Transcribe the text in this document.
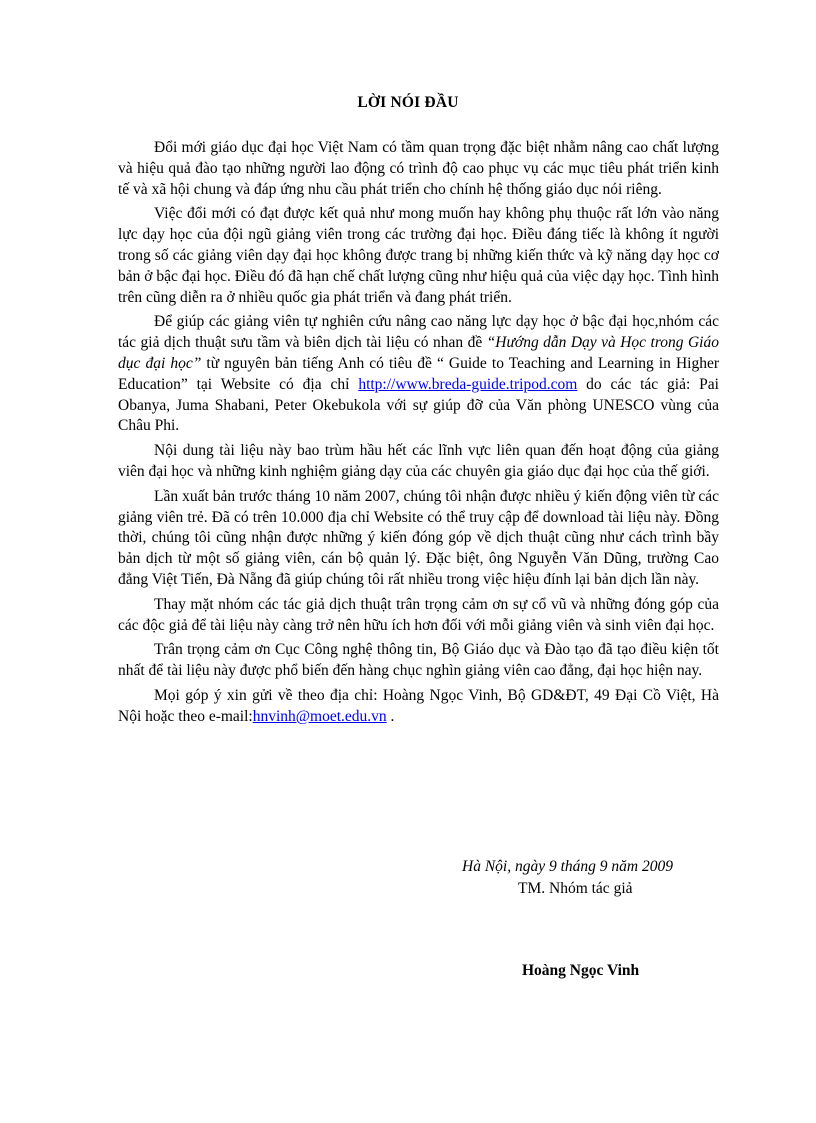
LỜI NÓI ĐẦU

Đổi mới giáo dục đại học Việt Nam có tầm quan trọng đặc biệt nhằm nâng cao chất lượng và hiệu quả đào tạo những người lao động có trình độ cao phục vụ các mục tiêu phát triển kinh tế và xã hội chung và đáp ứng nhu cầu phát triển cho chính hệ thống giáo dục nói riêng.

Việc đổi mới có đạt được kết quả như mong muốn hay không phụ thuộc rất lớn vào năng lực dạy học của đội ngũ giảng viên trong các trường đại học. Điều đáng tiếc là không ít người trong số các giảng viên dạy đại học không được trang bị những kiến thức và kỹ năng dạy học cơ bản ở bậc đại học. Điều đó đã hạn chế chất lượng cũng như hiệu quả của việc dạy học. Tình hình trên cũng diễn ra ở nhiều quốc gia phát triển và đang phát triển.

Để giúp các giảng viên tự nghiên cứu nâng cao năng lực dạy học ở bậc đại học,nhóm các tác giả dịch thuật sưu tầm và biên dịch tài liệu có nhan đề “Hướng dẫn Dạy và Học trong Giáo dục đại học” từ nguyên bản tiếng Anh có tiêu đề “ Guide to Teaching and Learning in Higher Education” tại Website có địa chỉ http://www.breda-guide.tripod.com do các tác giả: Pai Obanya, Juma Shabani, Peter Okebukola với sự giúp đỡ của Văn phòng UNESCO vùng của Châu Phi.

Nội dung tài liệu này bao trùm hầu hết các lĩnh vực liên quan đến hoạt động của giảng viên đại học và những kinh nghiệm giảng dạy của các chuyên gia giáo dục đại học của thế giới.

Lần xuất bản trước tháng 10 năm 2007, chúng tôi nhận được nhiều ý kiến động viên từ các giảng viên trẻ. Đã có trên 10.000 địa chỉ Website có thể truy cập để download tài liệu này. Đồng thời, chúng tôi cũng nhận được những ý kiến đóng góp về dịch thuật cũng như cách trình bầy bản dịch từ một số giảng viên, cán bộ quản lý. Đặc biệt, ông Nguyễn Văn Dũng, trường Cao đẳng Việt Tiến, Đà Nẵng đã giúp chúng tôi rất nhiều trong việc hiệu đính lại bản dịch lần này.

Thay mặt nhóm các tác giả dịch thuật trân trọng cảm ơn sự cổ vũ và những đóng góp của các độc giả để tài liệu này càng trở nên hữu ích hơn đối với mỗi giảng viên và sinh viên đại học.

Trân trọng cảm ơn Cục Công nghệ thông tin, Bộ Giáo dục và Đào tạo đã tạo điều kiện tốt nhất để tài liệu này được phổ biến đến hàng chục nghìn giảng viên cao đẳng, đại học hiện nay.

Mọi góp ý xin gửi về theo địa chỉ: Hoàng Ngọc Vinh, Bộ GD&ĐT, 49 Đại Cồ Việt, Hà Nội hoặc theo e-mail:hnvinh@moet.edu.vn .

Hà Nội, ngày 9 tháng 9 năm 2009
TM. Nhóm tác giả
Hoàng Ngọc Vinh
